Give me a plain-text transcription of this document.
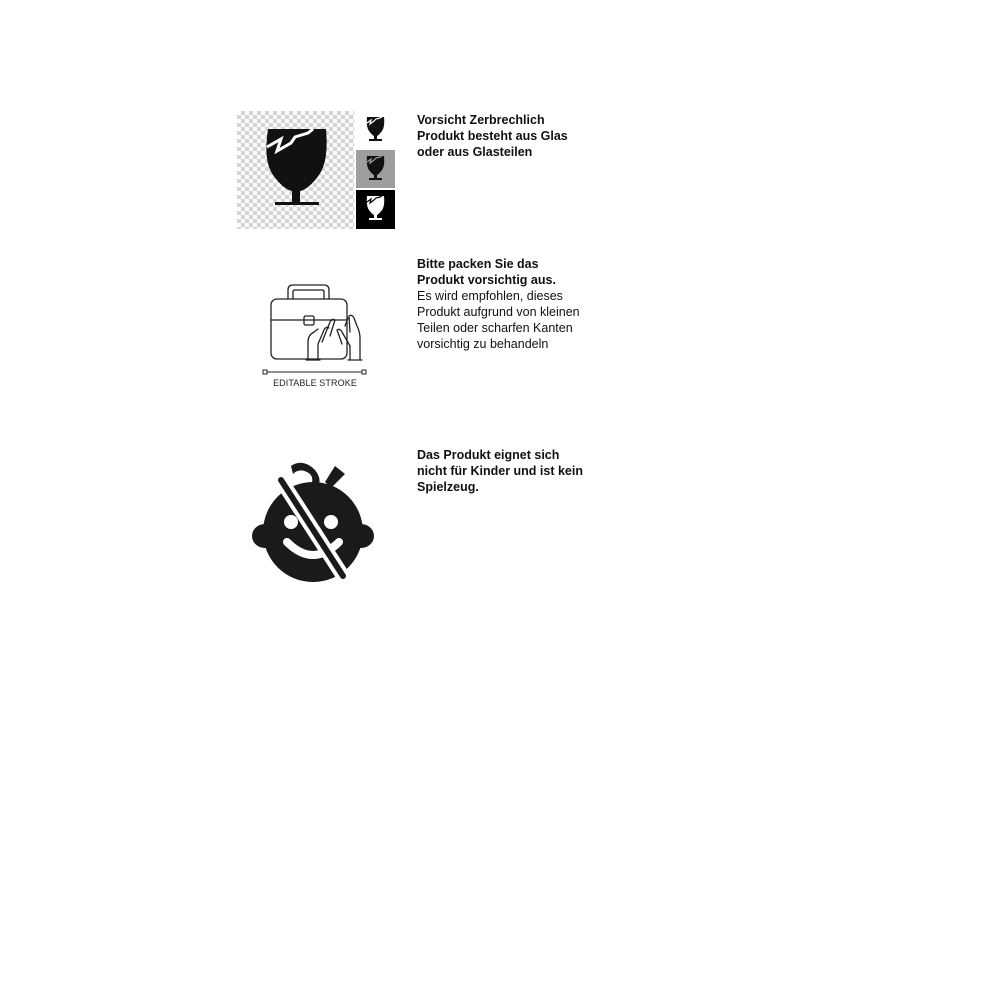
Vorsicht Zerbrechlich

Produkt besteht aus Glas

oder aus Glasteilen

EDITABLE STROKE

Bitte packen Sie das

Produkt vorsichtig aus.

Es wird empfohlen, dieses

Produkt aufgrund von kleinen

Teilen oder scharfen Kanten

vorsichtig zu behandeln

Das Produkt eignet sich

nicht für Kinder und ist kein

Spielzeug.
